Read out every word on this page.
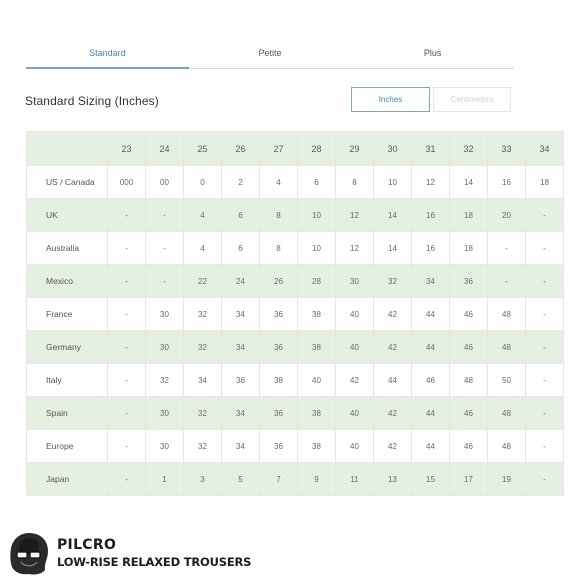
Standard	Petite	Plus
Standard Sizing (Inches)	Inches	Centimeters
	23	24	25	26	27	28	29	30	31	32	33	34
US / Canada	000	00	0	2	4	6	8	10	12	14	16	18
UK	-	-	4	6	8	10	12	14	16	18	20	-
Australia	-	-	4	6	8	10	12	14	16	18	-	-
Mexico	-	-	22	24	26	28	30	32	34	36	-	-
France	-	30	32	34	36	38	40	42	44	46	48	-
Germany	-	30	32	34	36	38	40	42	44	46	48	-
Italy	-	32	34	36	38	40	42	44	46	48	50	-
Spain	-	30	32	34	36	38	40	42	44	46	48	-
Europe	-	30	32	34	36	38	40	42	44	46	48	-
Japan	-	1	3	5	7	9	11	13	15	17	19	-
PILCRO
LOW-RISE RELAXED TROUSERS
